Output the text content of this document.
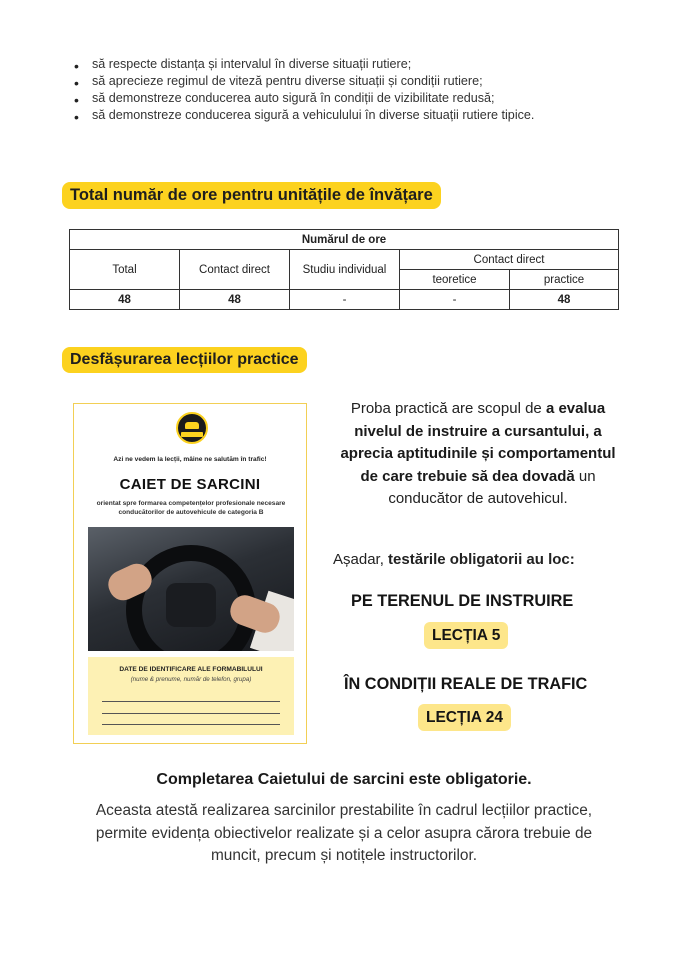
• să respecte distanța și intervalul în diverse situații rutiere;
• să aprecieze regimul de viteză pentru diverse situații și condiții rutiere;
• să demonstreze conducerea auto sigură în condiții de vizibilitate redusă;
• să demonstreze conducerea sigură a vehiculului în diverse situații rutiere tipice.
Total număr de ore pentru unitățile de învățare
Numărul de ore				
Total	Contact direct	Studiu individual	Contact direct	
			teoretice	practice
48	48	-	-	48
Desfășurarea lecțiilor practice
Azi ne vedem la lecții, mâine ne salutăm în trafic!
CAIET DE SARCINI
orientat spre formarea competențelor profesionale necesare conducătorilor de autovehicule de categoria B
DATE DE IDENTIFICARE ALE FORMABILULUI
(nume & prenume, număr de telefon, grupa)
Proba practică are scopul de a evalua nivelul de instruire a cursantului, a aprecia aptitudinile și comportamentul de care trebuie să dea dovadă un conducător de autovehicul.
Așadar, testările obligatorii au loc:
PE TERENUL DE INSTRUIRE
LECȚIA 5
ÎN CONDIȚII REALE DE TRAFIC
LECȚIA 24
Completarea Caietului de sarcini este obligatorie.
Aceasta atestă realizarea sarcinilor prestabilite în cadrul lecțiilor practice, permite evidența obiectivelor realizate și a celor asupra cărora trebuie de muncit, precum și notițele instructorilor.
